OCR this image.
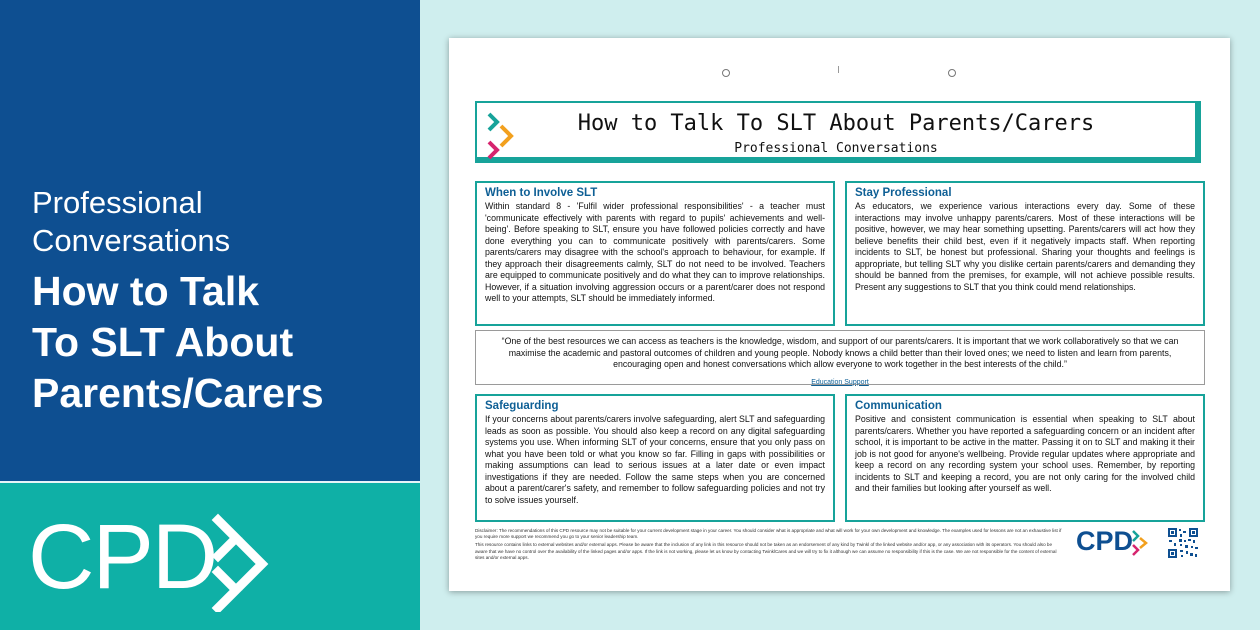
Professional
Conversations
How to Talk
To SLT About
Parents/Carers
CPD
How to Talk To SLT About Parents/Carers
Professional Conversations
When to Involve SLT

Within standard 8 - 'Fulfil wider professional responsibilities' - a teacher must 'communicate effectively with parents with regard to pupils' achievements and well-being'. Before speaking to SLT, ensure you have followed policies correctly and have done everything you can to communicate positively with parents/carers. Some parents/carers may disagree with the school's approach to behaviour, for example. If they approach their disagreements calmly, SLT do not need to be involved. Teachers are equipped to communicate positively and do what they can to improve relationships. However, if a situation involving aggression occurs or a parent/carer does not respond well to your attempts, SLT should be immediately informed.

Stay Professional

As educators, we experience various interactions every day. Some of these interactions may involve unhappy parents/carers. Most of these interactions will be positive, however, we may hear something upsetting. Parents/carers will act how they believe benefits their child best, even if it negatively impacts staff. When reporting incidents to SLT, be honest but professional. Sharing your thoughts and feelings is appropriate, but telling SLT why you dislike certain parents/carers and demanding they should be banned from the premises, for example, will not achieve possible results. Present any suggestions to SLT that you think could mend relationships.

“One of the best resources we can access as teachers is the knowledge, wisdom, and support of our parents/carers. It is important that we work collaboratively so that we can maximise the academic and pastoral outcomes of children and young people. Nobody knows a child better than their loved ones; we need to listen and learn from parents, encouraging open and honest conversations which allow everyone to work together in the best interests of the child.”

Education Support
Safeguarding

If your concerns about parents/carers involve safeguarding, alert SLT and safeguarding leads as soon as possible. You should also keep a record on any digital safeguarding systems you use. When informing SLT of your concerns, ensure that you only pass on what you have been told or what you know so far. Filling in gaps with possibilities or making assumptions can lead to serious issues at a later date or even impact investigations if they are needed. Follow the same steps when you are concerned about a parent/carer's safety, and remember to follow safeguarding policies and not try to solve issues yourself.

Communication

Positive and consistent communication is essential when speaking to SLT about parents/carers. Whether you have reported a safeguarding concern or an incident after school, it is important to be active in the matter. Passing it on to SLT and making it their job is not good for anyone's wellbeing. Provide regular updates where appropriate and keep a record on any recording system your school uses. Remember, by reporting incidents to SLT and keeping a record, you are not only caring for the involved child and their families but looking after yourself as well.

Disclaimer: The recommendations of this CPD resource may not be suitable for your current development stage in your career. You should consider what is appropriate and what will work for your own development and knowledge. The examples used for lessons are not an exhaustive list if you require more support we recommend you go to your senior leadership team.

This resource contains links to external websites and/or external apps. Please be aware that the inclusion of any link in this resource should not be taken as an endorsement of any kind by Twinkl of the linked website and/or app, or any association with its operators. You should also be aware that we have no control over the availability of the linked pages and/or apps. If the link is not working, please let us know by contacting TwinklCares and we will try to fix it although we can assume no responsibility if this is the case. We are not responsible for the content of external sites and/or external apps.

CPD
